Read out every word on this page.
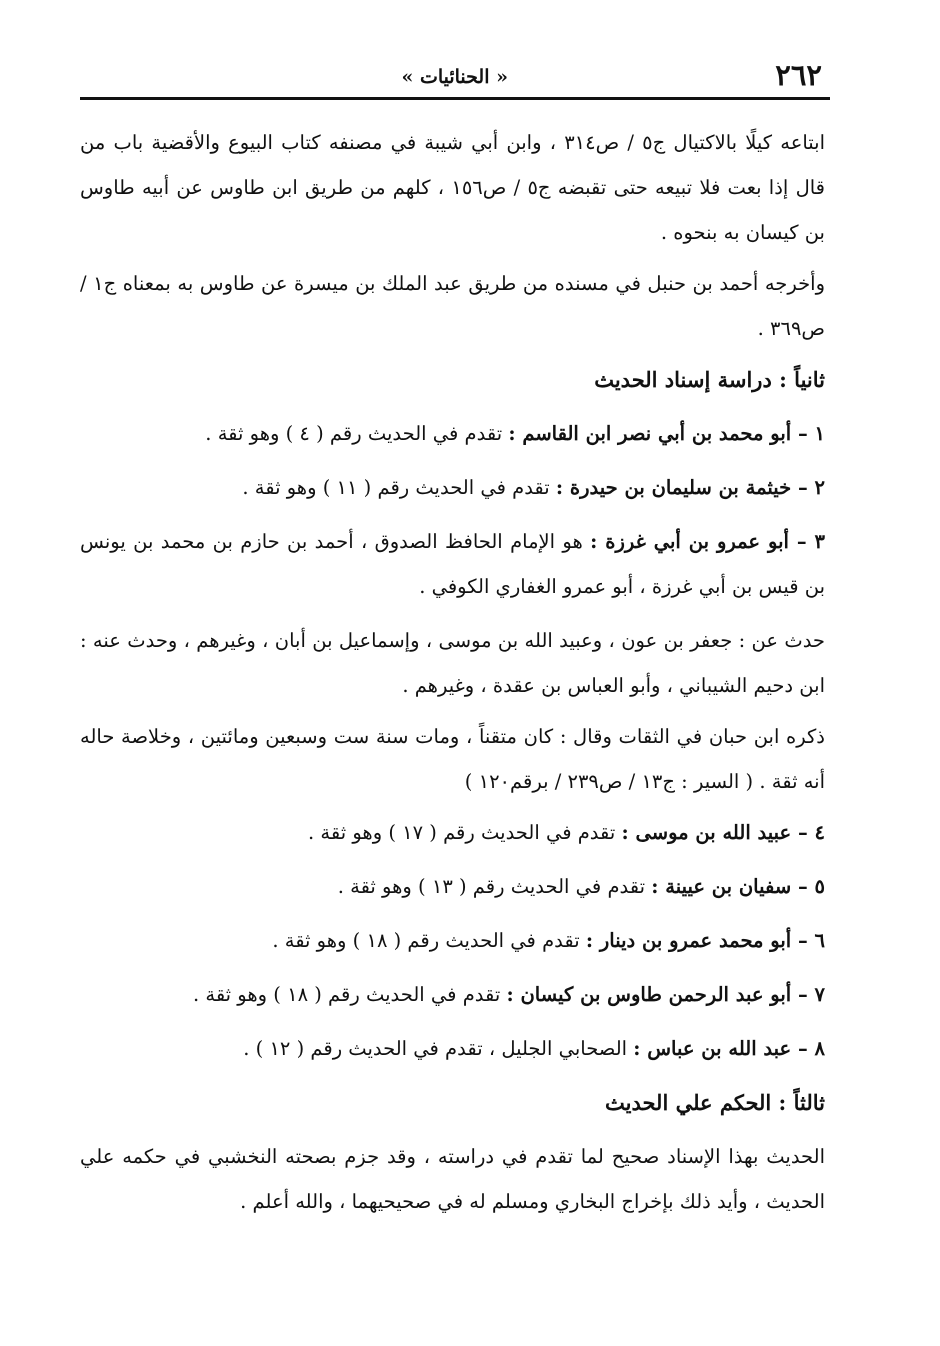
٢٦٢
« الحنائيات »
ابتاعه كيلًا بالاكتيال ج٥ / ص٣١٤ ، وابن أبي شيبة في مصنفه كتاب البيوع والأقضية باب من قال إذا بعت فلا تبيعه حتى تقبضه ج٥ / ص١٥٦ ، كلهم من طريق ابن طاوس عن أبيه طاوس بن كيسان به بنحوه .
وأخرجه أحمد بن حنبل في مسنده من طريق عبد الملك بن ميسرة عن طاوس به بمعناه ج١ / ص٣٦٩ .
ثانياً : دراسة إسناد الحديث
١ – أبو محمد بن أبي نصر ابن القاسم : تقدم في الحديث رقم ( ٤ ) وهو ثقة .
٢ – خيثمة بن سليمان بن حيدرة : تقدم في الحديث رقم ( ١١ ) وهو ثقة .
٣ – أبو عمرو بن أبي غرزة : هو الإمام الحافظ الصدوق ، أحمد بن حازم بن محمد بن يونس بن قيس بن أبي غرزة ، أبو عمرو الغفاري الكوفي .
حدث عن : جعفر بن عون ، وعبيد الله بن موسى ، وإسماعيل بن أبان ، وغيرهم ، وحدث عنه : ابن دحيم الشيباني ، وأبو العباس بن عقدة ، وغيرهم .
ذكره ابن حبان في الثقات وقال : كان متقناً ، ومات سنة ست وسبعين ومائتين ، وخلاصة حاله أنه ثقة . ( السير : ج١٣ / ص٢٣٩ / برقم١٢٠ )
٤ – عبيد الله بن موسى : تقدم في الحديث رقم ( ١٧ ) وهو ثقة .
٥ – سفيان بن عيينة : تقدم في الحديث رقم ( ١٣ ) وهو ثقة .
٦ – أبو محمد عمرو بن دينار : تقدم في الحديث رقم ( ١٨ ) وهو ثقة .
٧ – أبو عبد الرحمن طاوس بن كيسان : تقدم في الحديث رقم ( ١٨ ) وهو ثقة .
٨ – عبد الله بن عباس : الصحابي الجليل ، تقدم في الحديث رقم ( ١٢ ) .
ثالثاً : الحكم علي الحديث
الحديث بهذا الإسناد صحيح لما تقدم في دراسته ، وقد جزم بصحته النخشبي في حكمه علي الحديث ، وأيد ذلك بإخراج البخاري ومسلم له في صحيحيهما ، والله أعلم .
